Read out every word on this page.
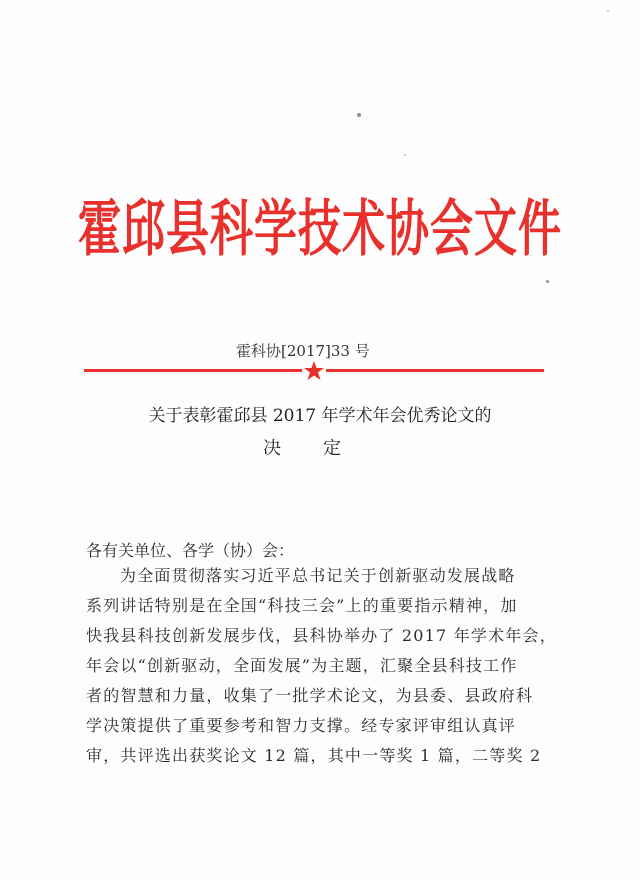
霍邱县科学技术协会文件
霍科协[2017]33 号
关于表彰霍邱县 2017 年学术年会优秀论文的
决定
各有关单位、各学（协）会：
为全面贯彻落实习近平总书记关于创新驱动发展战略
系列讲话特别是在全国“科技三会”上的重要指示精神，加
快我县科技创新发展步伐，县科协举办了 2017 年学术年会，
年会以“创新驱动，全面发展”为主题，汇聚全县科技工作
者的智慧和力量，收集了一批学术论文，为县委、县政府科
学决策提供了重要参考和智力支撑。经专家评审组认真评
审，共评选出获奖论文 12 篇，其中一等奖 1 篇，二等奖 2
